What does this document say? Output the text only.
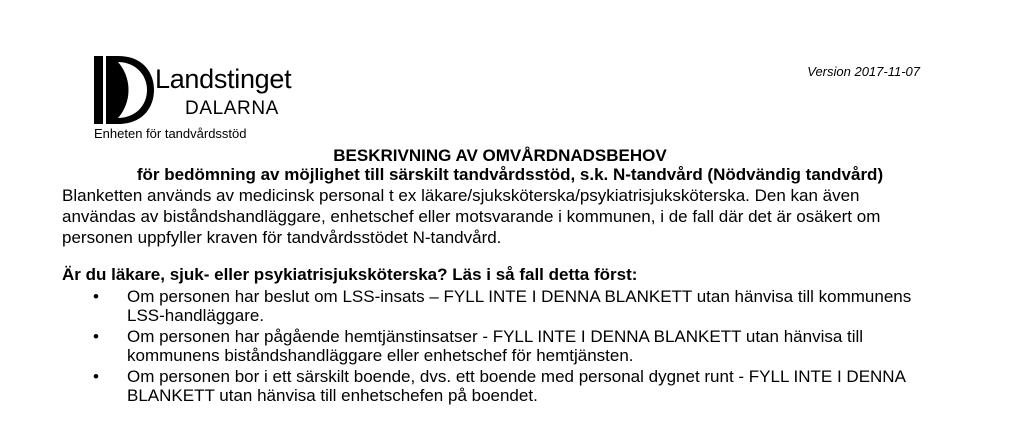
Landstinget
DALARNA
Enheten för tandvårdsstöd
Version 2017-11-07
BESKRIVNING AV OMVÅRDNADSBEHOV
för bedömning av möjlighet till särskilt tandvårdsstöd, s.k. N-tandvård (Nödvändig tandvård)

Blanketten används av medicinsk personal t ex läkare/sjuksköterska/psykiatrisjuksköterska. Den kan även
användas av biståndshandläggare, enhetschef eller motsvarande i kommunen, i de fall där det är osäkert om
personen uppfyller kraven för tandvårdsstödet N-tandvård.

Är du läkare, sjuk- eller psykiatrisjuksköterska? Läs i så fall detta först:
• Om personen har beslut om LSS-insats – FYLL INTE I DENNA BLANKETT utan hänvisa till kommunens
LSS-handläggare.
• Om personen har pågående hemtjänstinsatser - FYLL INTE I DENNA BLANKETT utan hänvisa till
kommunens biståndshandläggare eller enhetschef för hemtjänsten.
• Om personen bor i ett särskilt boende, dvs. ett boende med personal dygnet runt - FYLL INTE I DENNA
BLANKETT utan hänvisa till enhetschefen på boendet.
